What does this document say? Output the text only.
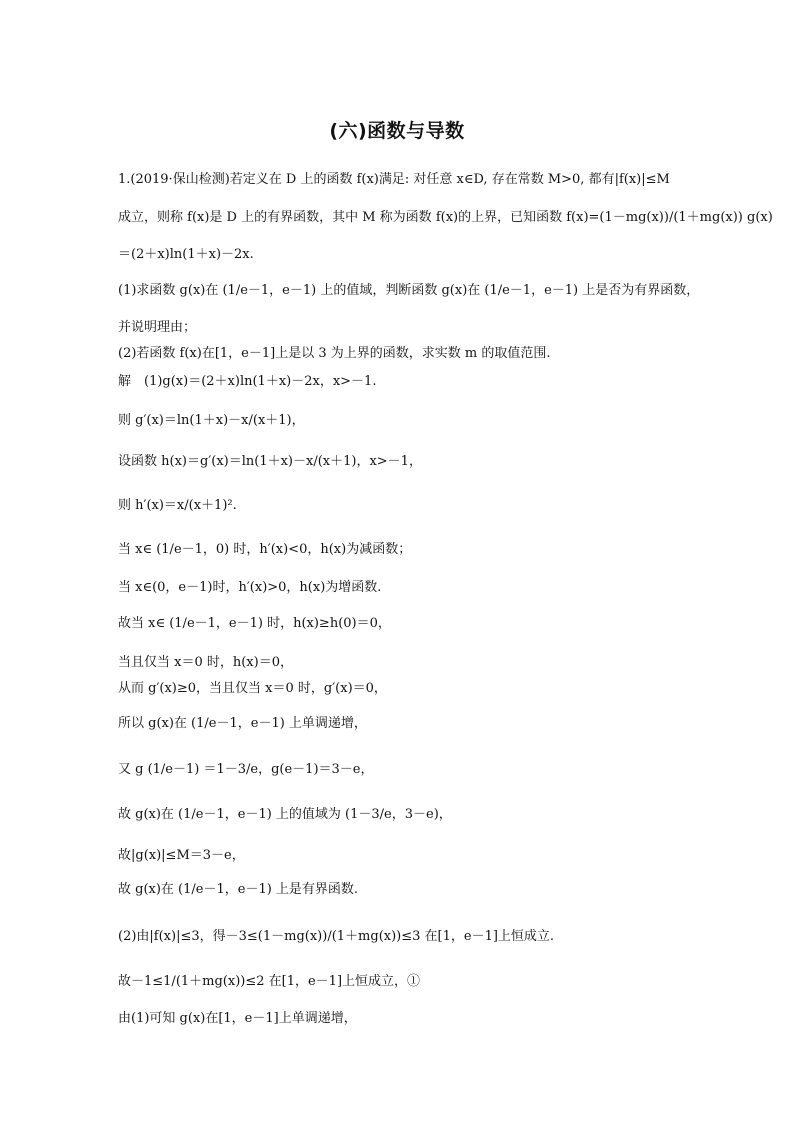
(六)函数与导数
1.(2019·保山检测)若定义在 D 上的函数 f(x)满足: 对任意 x∈D, 存在常数 M>0, 都有|f(x)|≤M
成立，则称 f(x)是 D 上的有界函数，其中 M 称为函数 f(x)的上界，已知函数 f(x)=(1－mg(x))/(1＋mg(x)) g(x)
＝(2＋x)ln(1＋x)－2x.
(1)求函数 g(x)在 (1/e－1，e－1) 上的值域，判断函数 g(x)在 (1/e－1，e－1) 上是否为有界函数，
并说明理由；
(2)若函数 f(x)在[1，e－1]上是以 3 为上界的函数，求实数 m 的取值范围.
解　(1)g(x)＝(2＋x)ln(1＋x)－2x，x>－1.
则 g′(x)＝ln(1＋x)－x/(x＋1)，
设函数 h(x)＝g′(x)＝ln(1＋x)－x/(x＋1)，x>－1，
则 h′(x)＝x/(x＋1)².
当 x∈ (1/e－1，0) 时，h′(x)<0，h(x)为减函数；
当 x∈(0，e－1)时，h′(x)>0，h(x)为增函数.
故当 x∈ (1/e－1，e－1) 时，h(x)≥h(0)＝0，
当且仅当 x＝0 时，h(x)＝0，
从而 g′(x)≥0，当且仅当 x＝0 时，g′(x)＝0，
所以 g(x)在 (1/e－1，e－1) 上单调递增，
又 g (1/e－1) ＝1－3/e，g(e－1)＝3－e，
故 g(x)在 (1/e－1，e－1) 上的值域为 (1－3/e，3－e)，
故|g(x)|≤M＝3－e，
故 g(x)在 (1/e－1，e－1) 上是有界函数.
(2)由|f(x)|≤3，得－3≤(1－mg(x))/(1＋mg(x))≤3 在[1，e－1]上恒成立.
故－1≤1/(1＋mg(x))≤2 在[1，e－1]上恒成立，①
由(1)可知 g(x)在[1，e－1]上单调递增，
